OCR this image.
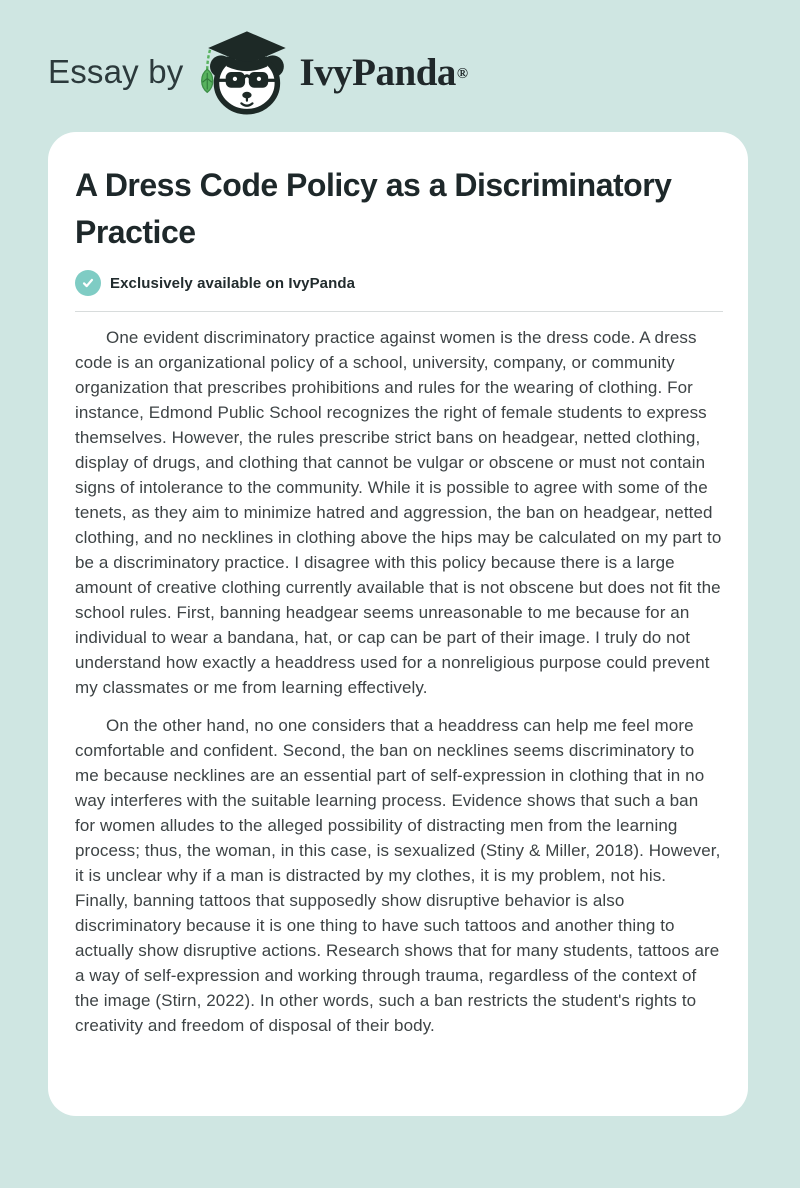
Essay by	IvyPanda ®
A Dress Code Policy as a Discriminatory Practice
Exclusively available on IvyPanda

One evident discriminatory practice against women is the dress code. A dress code is an organizational policy of a school, university, company, or community organization that prescribes prohibitions and rules for the wearing of clothing. For instance, Edmond Public School recognizes the right of female students to express themselves. However, the rules prescribe strict bans on headgear, netted clothing, display of drugs, and clothing that cannot be vulgar or obscene or must not contain signs of intolerance to the community. While it is possible to agree with some of the tenets, as they aim to minimize hatred and aggression, the ban on headgear, netted clothing, and no necklines in clothing above the hips may be calculated on my part to be a discriminatory practice. I disagree with this policy because there is a large amount of creative clothing currently available that is not obscene but does not fit the school rules. First, banning headgear seems unreasonable to me because for an individual to wear a bandana, hat, or cap can be part of their image. I truly do not understand how exactly a headdress used for a nonreligious purpose could prevent my classmates or me from learning effectively.

On the other hand, no one considers that a headdress can help me feel more comfortable and confident. Second, the ban on necklines seems discriminatory to me because necklines are an essential part of self-expression in clothing that in no way interferes with the suitable learning process. Evidence shows that such a ban for women alludes to the alleged possibility of distracting men from the learning process; thus, the woman, in this case, is sexualized (Stiny & Miller, 2018). However, it is unclear why if a man is distracted by my clothes, it is my problem, not his. Finally, banning tattoos that supposedly show disruptive behavior is also discriminatory because it is one thing to have such tattoos and another thing to actually show disruptive actions. Research shows that for many students, tattoos are a way of self-expression and working through trauma, regardless of the context of the image (Stirn, 2022). In other words, such a ban restricts the student's rights to creativity and freedom of disposal of their body.
